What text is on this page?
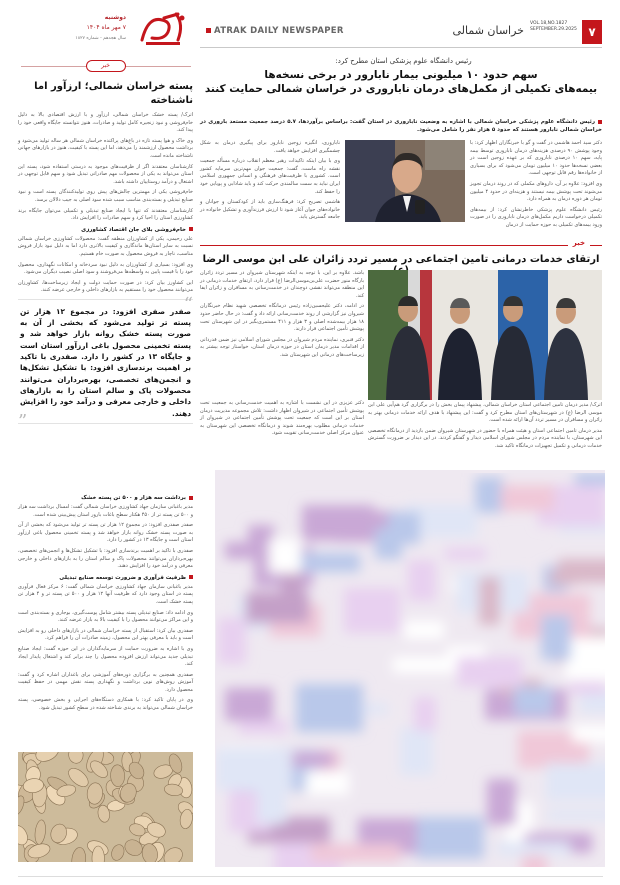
۷
VOL.18,NO.1827
SEPTEMBER.29.2025
خراسان شمالی
ATRAK DAILY NEWSPAPER
دوشنبه
۷ مهر ماه ۱۴۰۴
سال هجدهم - شماره ۱۸۲۷
خبر
پسته خراسان شمالی؛ ارزآور اما ناشناخته

اترک/ پسته خشک خراسان شمالی، ارزآور و با ارزش اقتصادی بالا به دلیل خام‌فروشی و نبود زنجیره کامل تولید و صادرات، هنوز نتوانسته جایگاه واقعی خود را پیدا کند.

وی خاک و هوا پسته تازه در باغ‌های پراکنده خراسان شمالی هر ساله تولید می‌شود و برداشت محصول ارزشمند را می‌دهد، اما این پسته با کیفیت، هنوز در بازارهای جهانی ناشناخته مانده است.

کارشناسان معتقدند اگر از ظرفیت‌های موجود به درستی استفاده شود، پسته این استان می‌تواند به یکی از محصولات مهم صادراتی تبدیل شود و سهم قابل توجهی در اشتغال و درآمد روستاییان داشته باشد.

خام‌فروشی یکی از مهمترین چالش‌های پیش روی تولیدکنندگان پسته است و نبود صنایع تبدیلی و بسته‌بندی مناسب سبب شده سود اصلی به جیب دلالان برسد.

کارشناسان معتقدند که تنها با ایجاد صنایع تبدیلی و تکمیلی می‌توان جایگاه برند کشاورزی استان را احیا کرد و سهم صادرات را افزایش داد.

خام‌فروشی بلای جان اقتصاد کشاورزی

علی رحیمی، یکی از کشاورزان منطقه گفت: محصولات کشاورزی خراسان شمالی نسبت به سایر استان‌ها ماندگاری و کیفیت بالاتری دارد اما به دلیل نبود بازار فروش مناسب، ناچار به فروش محصول به صورت خام هستیم.

وی افزود: بسیاری از کشاورزان به دلیل نبود سردخانه و امکانات نگهداری، محصول خود را با قیمت پایین به واسطه‌ها می‌فروشند و سود اصلی نصیب دیگران می‌شود.

این کشاورز بیان کرد: در صورت حمایت دولت و ایجاد زیرساخت‌ها، کشاورزان می‌توانند محصول خود را مستقیم به بازارهای داخلی و خارجی عرضه کنند.

“

صفدر صفری افزود: در مجموع ۱۲ هزار تن پسته تر تولید می‌شود که بخشی از آن به صورت پسته خشک روانه بازار خواهد شد و پسته تخمینی محصول باغی ارزآور استان است و جایگاه ۱۳ در کشور را دارد. صفدری با تاکید بر اهمیت برندسازی افزود: با تشکیل تشکل‌ها و انجمن‌های تخصصی، بهره‌برداران می‌توانند محصولات پاک و سالم استان را به بازارهای داخلی و خارجی معرفی و درآمد خود را افزایش دهند.

”
برداشت سه هزار و ۵۰۰ تن پسته خشک

مدیر باغبانی سازمان جهاد کشاورزی خراسان شمالی گفت: امسال برداشت سه هزار و ۵۰۰ تن پسته تر از ۴۵۰ هکتار سطح باغات بارور استان پیش‌بینی شده است.

صفدر صفدری افزود: در مجموع ۱۲ هزار تن پسته تر تولید می‌شود که بخشی از آن به صورت پسته خشک روانه بازار خواهد شد و پسته تخمینی محصول باغی ارزآور استان است و جایگاه ۱۳ در کشور را دارد.

صفدری با تاکید بر اهمیت برندسازی افزود: با تشکیل تشکل‌ها و انجمن‌های تخصصی، بهره‌برداران می‌توانند محصولات پاک و سالم استان را به بازارهای داخلی و خارجی معرفی و درآمد خود را افزایش دهند.

ظرفیت فرآوری و ضرورت توسعه صنایع تبدیلی

مدیر باغبانی سازمان جهاد کشاورزی خراسان شمالی گفت: ۶ مرکز فعال فرآوری پسته در استان وجود دارد که ظرفیت آنها ۱۲ هزار و ۵۰۰ تن پسته تر و ۴ هزار تن پسته خشک است.

وی ادامه داد: صنایع تبدیلی پسته بیشتر شامل پوست‌گیری، بوجاری و بسته‌بندی است و این مراکز می‌توانند محصول را با کیفیت بالا به بازار عرضه کنند.

صفدری بیان کرد: استقبال از پسته خراسان شمالی در بازارهای داخلی رو به افزایش است و باید با معرفی بهتر این محصول، زمینه صادرات آن را فراهم کرد.

وی با اشاره به ضرورت حمایت از سرمایه‌گذاران در این حوزه گفت: ایجاد صنایع تبدیلی جدید می‌تواند ارزش افزوده محصول را چند برابر کند و اشتغال پایدار ایجاد کند.

صفدری همچنین به برگزاری دوره‌های آموزشی برای باغداران اشاره کرد و گفت: آموزش روش‌های نوین برداشت و نگهداری پسته نقش مهمی در حفظ کیفیت محصول دارد.

وی در پایان تاکید کرد: با همکاری دستگاه‌های اجرایی و بخش خصوصی، پسته خراسان شمالی می‌تواند به برندی شناخته شده در سطح کشور تبدیل شود.

رئیس دانشگاه علوم پزشکی استان مطرح کرد:
سهم حدود ۱۰ میلیونی بیمار نابارور در برخی نسخه‌ها
بیمه‌های تکمیلی از مکمل‌های درمان ناباروری در خراسان شمالی حمایت کنند
رئیس دانشگاه علوم پزشکی خراسان شمالی با اشاره به وضعیت ناباروری در استان گفت: براساس برآوردها، ۵.۷ درصد جمعیت مستعد باروری در خراسان شمالی نابارور هستند که حدود ۵ هزار نفر را شامل می‌شود.

دکتر سید احمد هاشمی در گفت و گو با خبرنگاران اظهار کرد: با وجود پوشش ۹۰ درصدی هزینه‌های درمان ناباروری توسط بیمه پایه، سهم ۱۰ درصدی ناباروری که بر عهده زوجین است در بعضی نسخه‌ها حدود ۱۰ میلیون تومان می‌شود که برای بسیاری از خانواده‌ها رقم قابل توجهی است.

وی افزود: علاوه بر آن، داروهای مکملی که در روند درمان تجویز می‌شوند تحت پوشش بیمه نیستند و هزینه‌ای در حدود ۴ میلیون تومان هر دوره درمان به همراه دارد.

رئیس دانشگاه علوم پزشکی خاطرنشان کرد: از بیمه‌های تکمیلی درخواست داریم مکمل‌های درمان ناباروری را در صورت ورود بیمه‌های تکمیلی به حوزه حمایت از درمان

ناباروری، انگیزه زوجین نابارور برای پیگیری درمان به شکل چشمگیری افزایش خواهد یافت.

وی با بیان اینکه تاکیدات رهبر معظم انقلاب درباره مسأله جمعیت نقشه راه ماست، گفت: جمعیت جوان مهم‌ترین سرمایه کشور است. کشوری با ظرفیت‌های فرهنگی و انسانی جمهوری اسلامی ایران نباید به سمت سالمندی حرکت کند و باید شادابی و پویایی خود را حفظ کند.

هاشمی تصریح کرد: فرهنگ‌سازی باید از کودکستان و جوانان و خانواده‌های جوان آغاز شود تا ارزش فرزندآوری و تشکیل خانواده در جامعه گسترش یابد.

خبر
ارتقای خدمات درمانی تامین اجتماعی در مسیر تردد زائران علی ابن موسی الرضا

اترک/ مدیر درمان تامین اجتماعی استان خراسان شمالی، پیشنهاد پیمان بخش را در برگزاری گرد هم‌آیی علی ابن موسی الرضا (ع) در شهرستان‌های استان مطرح کرد و گفت: این پیشنهاد با هدف ارائه خدمات درمانی بهتر به زائران و مسافران در مسیر تردد آن‌ها ارائه شده است.

مدیر درمان تامین اجتماعی استان و هیئت همراه با حضور در شهرستان شیروان ضمن بازدید از درمانگاه تخصصی این شهرستان، با نماینده مردم در مجلس شورای اسلامی دیدار و گفتگو کردند. در این دیدار بر ضرورت گسترش خدمات درمانی و تکمیل تجهیزات درمانگاه تاکید شد.

باشد. علاوه بر این، با توجه به اینکه شهرستان شیروان در مسیر تردد زائران بارگاه منور حضرت علی‌بن‌موسی‌الرضا (ع) قرار دارد، ارتقای خدمات درمانی در این منطقه می‌تواند نقشی دوچندان در خدمت‌رسانی به مسافران و زائران ایفا کند.

در ادامه، دکتر علیحسین‌زاده رئیس درمانگاه تخصصی شهید نظام خبرنگاران شیروان نیز گزارشی از روند خدمت‌رسانی ارائه داد و گفت: در حال حاضر حدود ۱۸ هزار بیمه‌شده اصلی و ۳ هزار و ۴۱۱ مستمری‌بگیر در این شهرستان تحت پوشش تأمین اجتماعی قرار دارند.

دکتر قنبری، نماینده مردم شیروان در مجلس شورای اسلامی نیز ضمن قدردانی از اقدامات مدیر درمان استان در حوزه درمان استان، خواستار توجه بیشتر به زیرساخت‌های درمانی این شهرستان شد.

دکتر عزیزی در این نشست با اشاره به اهمیت خدمت‌رسانی به جمعیت تحت پوشش تأمین اجتماعی در شیروان اظهار داشت: تلاش مجموعه مدیریت درمان استان بر این است که جمعیت تحت پوشش تأمین اجتماعی در شیروان از خدمات درمانی مطلوب بهره‌مند شوند و درمانگاه تخصصی این شهرستان به عنوان مرکز اصلی خدمت‌رسانی تقویت شود.
